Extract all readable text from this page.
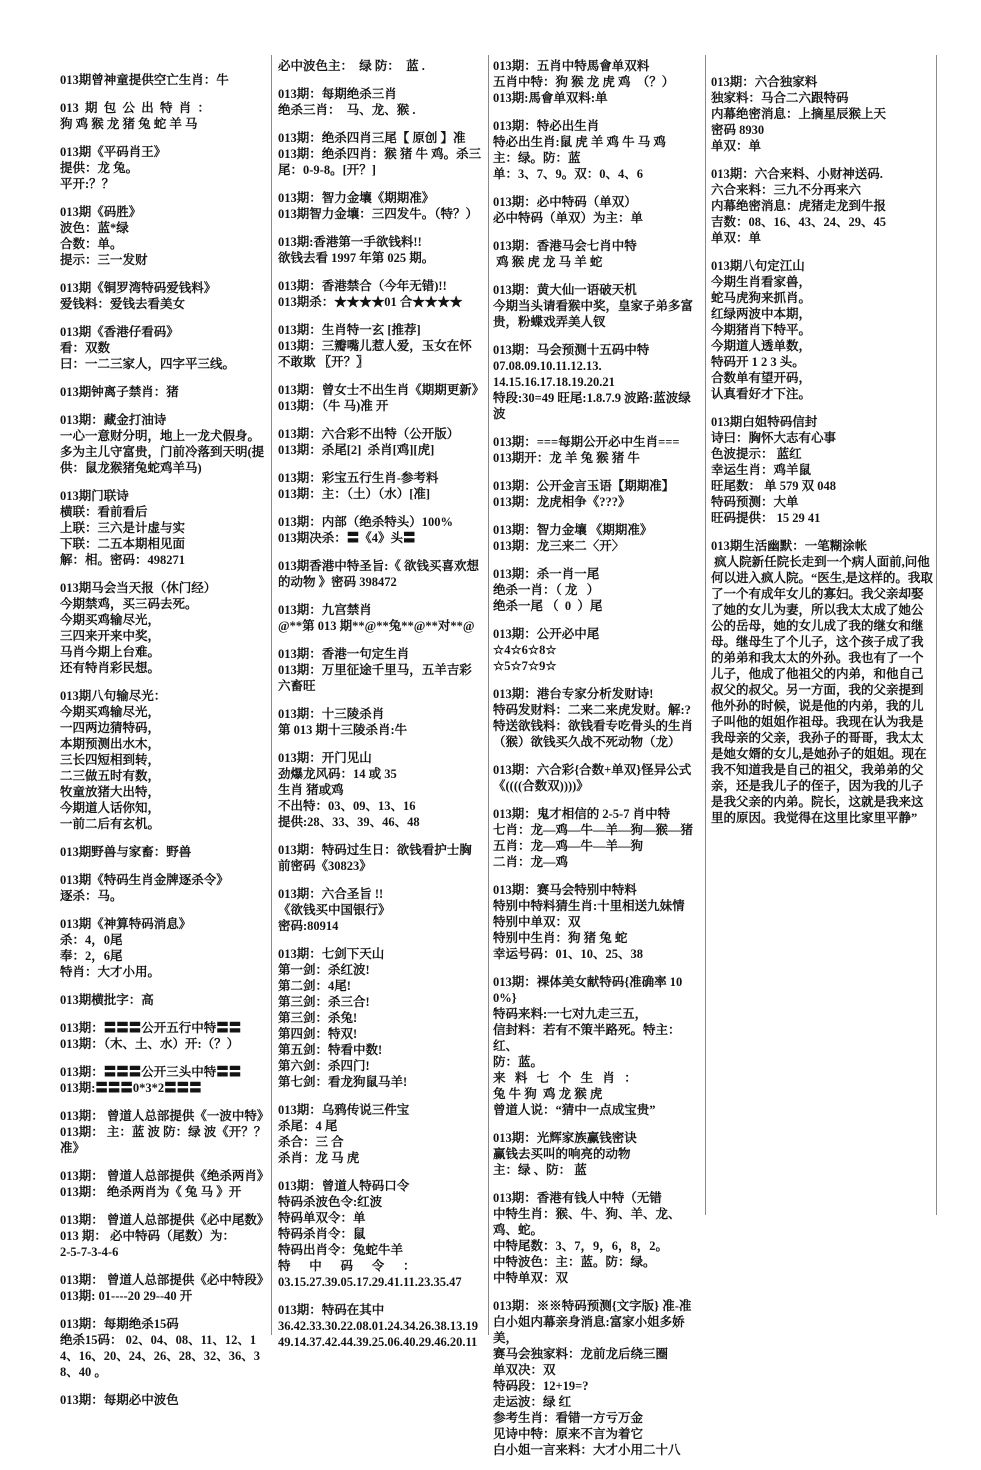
013期曾神童提供空亡生肖：牛
013  期  包  公  出  特  肖  ：
狗 鸡 猴 龙 猪 兔 蛇 羊 马
013期《平码肖王》
提供：龙 兔。
平开:？？
013期《码胜》
波色：蓝*绿
合数：单。
提示：三一发财
013期《铜罗湾特码爱钱料》
爱钱料：爱钱去看美女
013期《香港仔看码》
看：双数
曰：一二三家人，四字平三线。
013期钟离子禁肖：猪
013期：藏金打油诗
一心一意财分明，地上一龙犬假身。多为主儿守富贵，门前冷落到天明(提供：鼠龙猴猪兔蛇鸡羊马)
013期门联诗
横联：看前看后
上联：三六是计虚与实
下联：二五本期相见面
解：相。密码：498271
013期马会当天报（休门经）
今期禁鸡，买三码去死。
今期买鸡输尽光，
三四来开来中奖，
马肖今期上台难。
还有特肖彩民想。
013期八句输尽光：
今期买鸡输尽光，
一四两边猜特码，
本期预测出水木，
三长四短相到转，
二三做五时有数，
牧童放猪大出特，
今期道人话你知，
一前二后有玄机。
013期野兽与家畜：野兽
013期《特码生肖金牌逐杀令》
逐杀：马。
013期《神算特码消息》
杀：4，0尾
奉：2，6尾
特肖：大才小用。
013期横批字：高
013期：〓〓〓公开五行中特〓〓
013期：（木、土、水）开:（？）
013期：〓〓〓公开三头中特〓〓
013期:〓〓〓0*3*2〓〓〓
013期： 曾道人总部提供《一波中特》
013期： 主：蓝 波 防：绿 波《开？？准》
013期： 曾道人总部提供《绝杀两肖》
013期： 绝杀两肖为《 兔 马 》开
013期： 曾道人总部提供《必中尾数》
013 期： 必中特码（尾数）为：
2-5-7-3-4-6
013期： 曾道人总部提供《必中特段》
013期: 01----20 29--40 开
013期：每期绝杀15码
绝杀15码： 02、04、08、11、12、14、16、20、24、26、28、32、36、38、40 。
013期：每期必中波色
必中波色主：  绿 防：  蓝 .
013期：每期绝杀三肖
绝杀三肖：  马、龙、猴 .
013期：绝杀四肖三尾【 原创 】准
013期：绝杀四肖：猴 猪 牛 鸡。杀三尾：0-9-8。[开？]
013期：智力金壤《期期准》
013期智力金壤：三四发牛。（特？）
013期:香港第一手欲钱料!!
欲钱去看 1997 年第 025 期。
013期：香港禁合（今年无错)!!
013期杀：★★★★01 合★★★★
013期：生肖特一玄 [推荐]
013期：三瓣嘴儿惹人爱，玉女在怀不敢欺 〖开？〗
013期：曾女士不出生肖《期期更新》
013期：（牛 马)准 开
013期：六合彩不出特（公开版）
013期：杀尾[2]  杀肖[鸡][虎]
013期：彩宝五行生肖-参考料
013期：主：（土）（水）[准]
013期：内部（绝杀特头）100%
013期决杀：〓《4》头〓
013期香港中特圣旨:《 欲钱买喜欢想的动物 》密码 398472
013期：九宫禁肖
@**第 013 期**@**兔**@**对**@
013期：香港一句定生肖
013期：万里征途千里马，五羊吉彩六畜旺
013期：十三陵杀肖
第 013 期十三陵杀肖:牛
013期：开门见山
劲爆龙风码：14 或 35
生肖 猪或鸡
不出特：03、09、13、16
提供:28、33、39、46、48
013期：特码过生日：欲钱看护士胸前密码《30823》
013期：六合圣旨 !!
《欲钱买中国银行》
密码:80914
013期：七剑下天山
第一剑：杀红波!
第二剑：4尾!
第三剑：杀三合!
第三剑：杀兔!
第四剑：特双!
第五剑：特看中数!
第六剑：杀四门!
第七剑：看龙狗鼠马羊!
013期：乌鸦传说三件宝
杀尾：4 尾
杀合：三 合
杀肖：龙 马 虎
013期：曾道人特码口令
特码杀波色令:红波
特码单双令：单
特码杀肖令：鼠
特码出肖令：兔蛇牛羊
特      中      码      令      ：
03.15.27.39.05.17.29.41.11.23.35.47
013期：特码在其中
36.42.33.30.22.08.01.24.34.26.38.13.19
49.14.37.42.44.39.25.06.40.29.46.20.11
013期：五肖中特馬會单双料
五肖中特：狗 猴 龙 虎 鸡  （？）
013期:馬會单双料:单
013期：特必出生肖
特必出生肖:鼠 虎 羊 鸡 牛 马 鸡
主：绿。防：蓝
单：3、7、9。双：0、4、6
013期：必中特码（单双）
必中特码（单双）为主：单
013期：香港马会七肖中特
鸡 猴 虎 龙 马 羊 蛇
013期：黄大仙一语破天机
今期当头请看猴中奖，皇家子弟多富贵，粉蝶戏弄美人钗
013期：马会预测十五码中特
07.08.09.10.11.12.13.
14.15.16.17.18.19.20.21
特段:30=49 旺尾:1.8.7.9 波路:蓝波绿波
013期：===每期公开必中生肖===
013期开：龙 羊 兔 猴 猪 牛
013期：公开金言玉语【期期准】
013期：龙虎相争《???》
013期：智力金壤 《期期准》
013期：龙三来二〈开〉
013期：杀一肖一尾
绝杀一肖：（ 龙   ）
绝杀一尾 （  0  ）尾
013期：公开必中尾
☆4☆6☆8☆
☆5☆7☆9☆
013期：港台专家分析发财诗!
特码发财料：二来二来虎发财。解:?
特送欲钱料：欲钱看专吃骨头的生肖（猴）欲钱买久战不死动物（龙）
013期：六合彩{合数+单双}怪异公式
《((((合数双))))》
013期：鬼才相信的 2-5-7 肖中特
七肖：龙—鸡—牛—羊—狗—猴—猪
五肖：龙—鸡—牛—羊—狗
二肖：龙—鸡
013期：赛马会特别中特料
特别中特料猜生肖:十里相送九妹情
特别中单双：双
特别中生肖：狗 猪 兔 蛇
幸运号码：01、10、25、38
013期：裸体美女献特码{准确率 100%}
特码来料:一七对九走三五，
信封料：若有不策半路死。特主：红、
防：蓝。
来   料   七   个   生   肖   ：
兔 牛 狗  鸡 龙 猴 虎
曾道人说：“猜中一点成宝贵”
013期：光辉家族赢钱密诀
赢钱去买叫的响亮的动物
主：绿 、防： 蓝
013期：香港有钱人中特（无错
中特生肖：猴、牛、狗、羊、龙、鸡、蛇。
中特尾数：3、7，9，6，8，2。
中特波色：主：蓝。防：绿。
中特单双：双
013期：※※特码预测{文字版} 准-准
白小姐内幕亲身消息:富家小姐多娇美，
赛马会独家料：龙前龙后绕三圈
单双决：双
特码段：12+19=?
走运波：绿 红
参考生肖：看错一方亏万金
见诗中特：原来不言为着它
白小姐一言来料：大才小用二十八
013期：六合独家料
独家料：马合二六跟特码
内幕绝密消息：上摘星辰猴上天
密码 8930
单双：单
013期：六合来料、小财神送码.
六合来料：三九不分再来六
内幕绝密消息：虎猪走龙到牛报
吉数：08、16、43、24、29、45
单双：单
013期八句定江山
今期生肖看家兽，
蛇马虎狗来抓肖。
红绿两波中本期，
今期猪肖下特平。
今期道人透单数，
特码开 1 2 3 头。
合数单有望开码，
认真看好才下注。
013期白姐特码信封
诗曰：胸怀大志有心事
色波提示： 蓝红
幸运生肖：鸡羊鼠
旺尾数： 单 579 双 048
特码预测：大单
旺码提供： 15 29 41
013期生活幽默：一笔糊涂帐
疯人院新任院长走到一个病人面前,问他何以进入疯人院。“医生,是这样的。我取了一个有成年女儿的寡妇。我父亲却娶了她的女儿为妻，所以我太太成了她公公的岳母，她的女儿成了我的继女和继母。继母生了个儿子，这个孩子成了我的弟弟和我太太的外孙。我也有了一个儿子，他成了他祖父的内弟，和他自己叔父的叔父。另一方面，我的父亲提到他外孙的时候，说是他的内弟，我的儿子叫他的姐姐作祖母。我现在认为我是我母亲的父亲，我孙子的哥哥，我太太是她女婿的女儿,是她孙子的姐姐。现在我不知道我是自己的祖父，我弟弟的父亲，还是我儿子的侄子，因为我的儿子是我父亲的内弟。院长，这就是我来这里的原因。我觉得在这里比家里平静”
